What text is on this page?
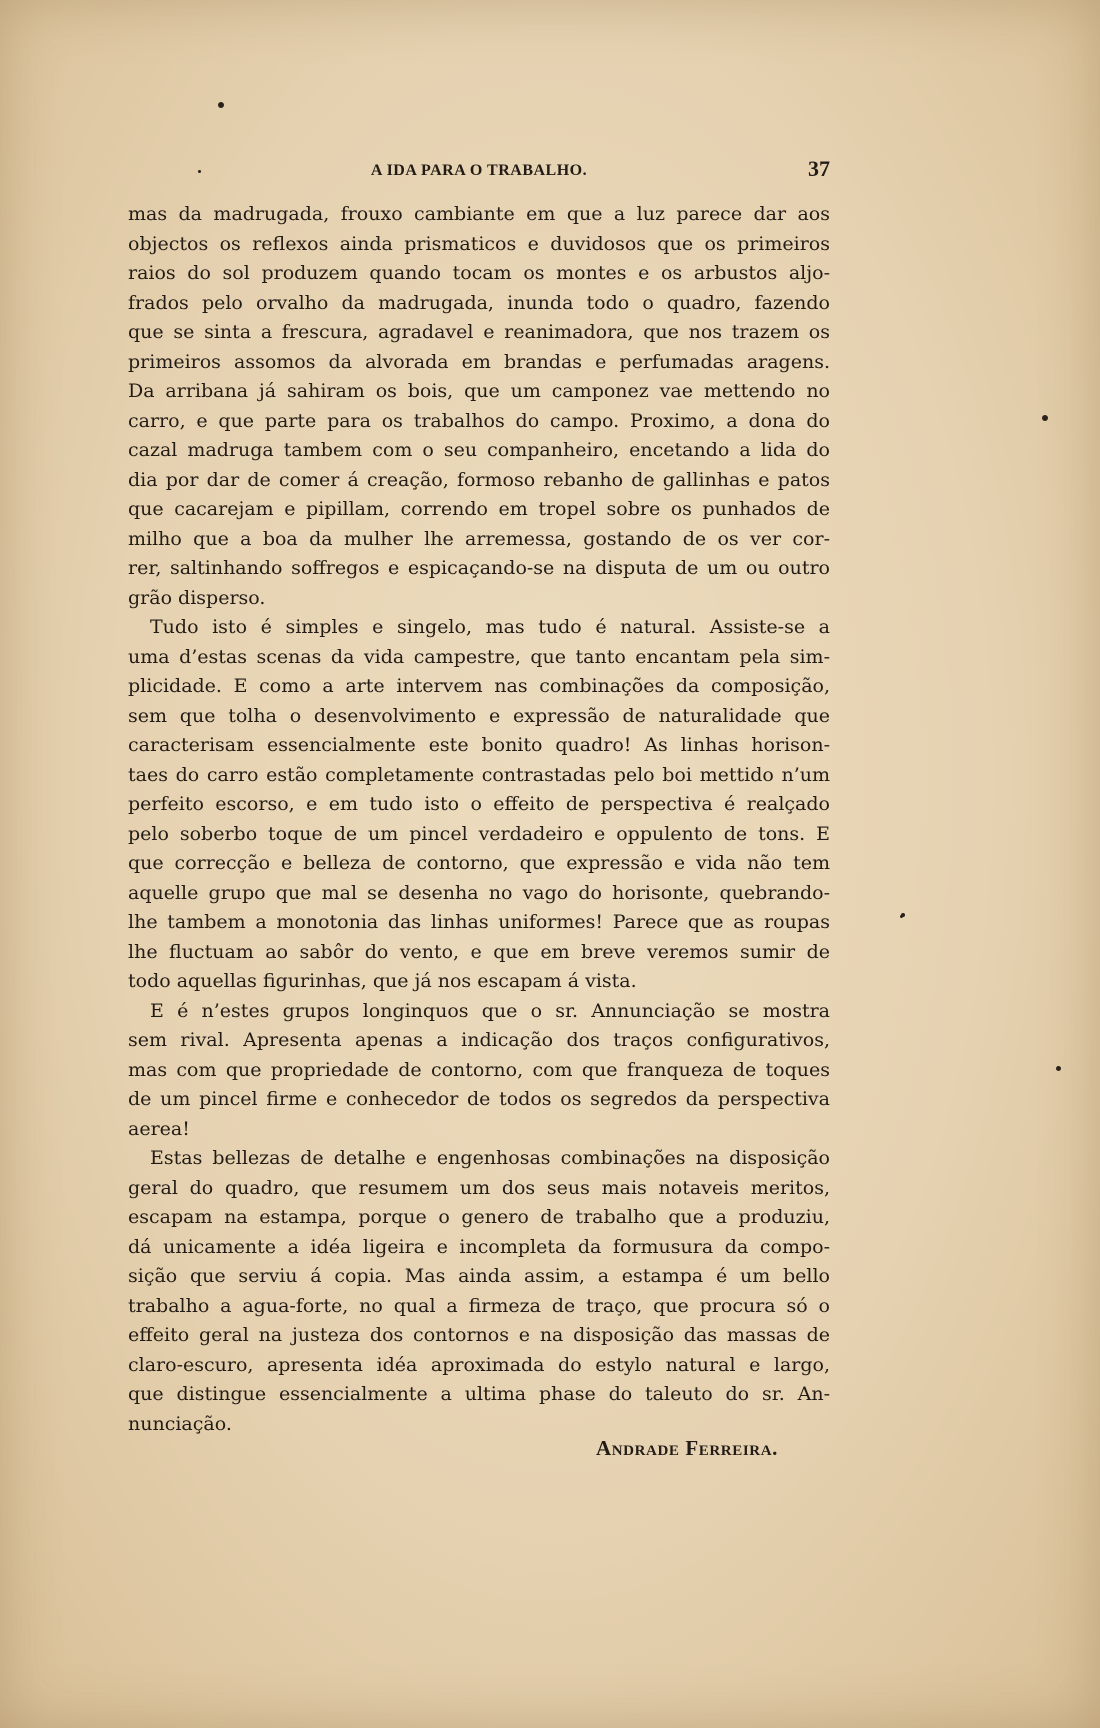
A IDA PARA O TRABALHO.	37
mas da madrugada, frouxo cambiante em que a luz parece dar aos
objectos os reflexos ainda prismaticos e duvidosos que os primeiros
raios do sol produzem quando tocam os montes e os arbustos aljo-
frados pelo orvalho da madrugada, inunda todo o quadro, fazendo
que se sinta a frescura, agradavel e reanimadora, que nos trazem os
primeiros assomos da alvorada em brandas e perfumadas aragens.
Da arribana já sahiram os bois, que um camponez vae mettendo no
carro, e que parte para os trabalhos do campo. Proximo, a dona do
cazal madruga tambem com o seu companheiro, encetando a lida do
dia por dar de comer á creação, formoso rebanho de gallinhas e patos
que cacarejam e pipillam, correndo em tropel sobre os punhados de
milho que a boa da mulher lhe arremessa, gostando de os ver cor-
rer, saltinhando soffregos e espicaçando-se na disputa de um ou outro
grão disperso.
Tudo isto é simples e singelo, mas tudo é natural. Assiste-se a
uma d’estas scenas da vida campestre, que tanto encantam pela sim-
plicidade. E como a arte intervem nas combinações da composição,
sem que tolha o desenvolvimento e expressão de naturalidade que
caracterisam essencialmente este bonito quadro! As linhas horison-
taes do carro estão completamente contrastadas pelo boi mettido n’um
perfeito escorso, e em tudo isto o effeito de perspectiva é realçado
pelo soberbo toque de um pincel verdadeiro e oppulento de tons. E
que correcção e belleza de contorno, que expressão e vida não tem
aquelle grupo que mal se desenha no vago do horisonte, quebrando-
lhe tambem a monotonia das linhas uniformes! Parece que as roupas
lhe fluctuam ao sabôr do vento, e que em breve veremos sumir de
todo aquellas figurinhas, que já nos escapam á vista.
E é n’estes grupos longinquos que o sr. Annunciação se mostra
sem rival. Apresenta apenas a indicação dos traços configurativos,
mas com que propriedade de contorno, com que franqueza de toques
de um pincel firme e conhecedor de todos os segredos da perspectiva
aerea!
Estas bellezas de detalhe e engenhosas combinações na disposição
geral do quadro, que resumem um dos seus mais notaveis meritos,
escapam na estampa, porque o genero de trabalho que a produziu,
dá unicamente a idéa ligeira e incompleta da formusura da compo-
sição que serviu á copia. Mas ainda assim, a estampa é um bello
trabalho a agua-forte, no qual a firmeza de traço, que procura só o
effeito geral na justeza dos contornos e na disposição das massas de
claro-escuro, apresenta idéa aproximada do estylo natural e largo,
que distingue essencialmente a ultima phase do taleuto do sr. An-
nunciação.
Andrade Ferreira.
